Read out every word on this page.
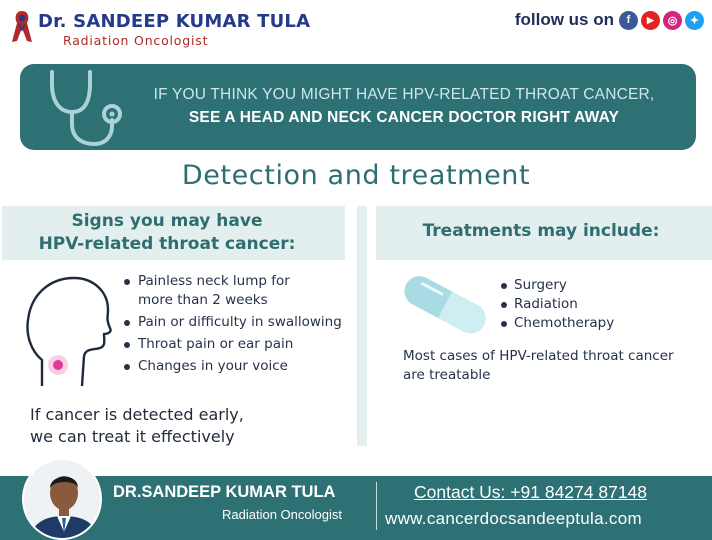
Dr. SANDEEP KUMAR TULA
Radiation Oncologist
follow us on	f	▶	◎	✦
IF YOU THINK YOU MIGHT HAVE HPV-RELATED THROAT CANCER,
SEE A HEAD AND NECK CANCER DOCTOR RIGHT AWAY
Detection and treatment
Signs you may have
HPV-related throat cancer:
Treatments may include:
Painless neck lump for
more than 2 weeks
Pain or difficulty in swallowing
Throat pain or ear pain
Changes in your voice
If cancer is detected early,
we can treat it effectively
Surgery
Radiation
Chemotherapy
Most cases of HPV-related throat cancer
are treatable
DR.SANDEEP KUMAR TULA
Radiation Oncologist
Contact Us: +91 84274 87148
www.cancerdocsandeeptula.com
